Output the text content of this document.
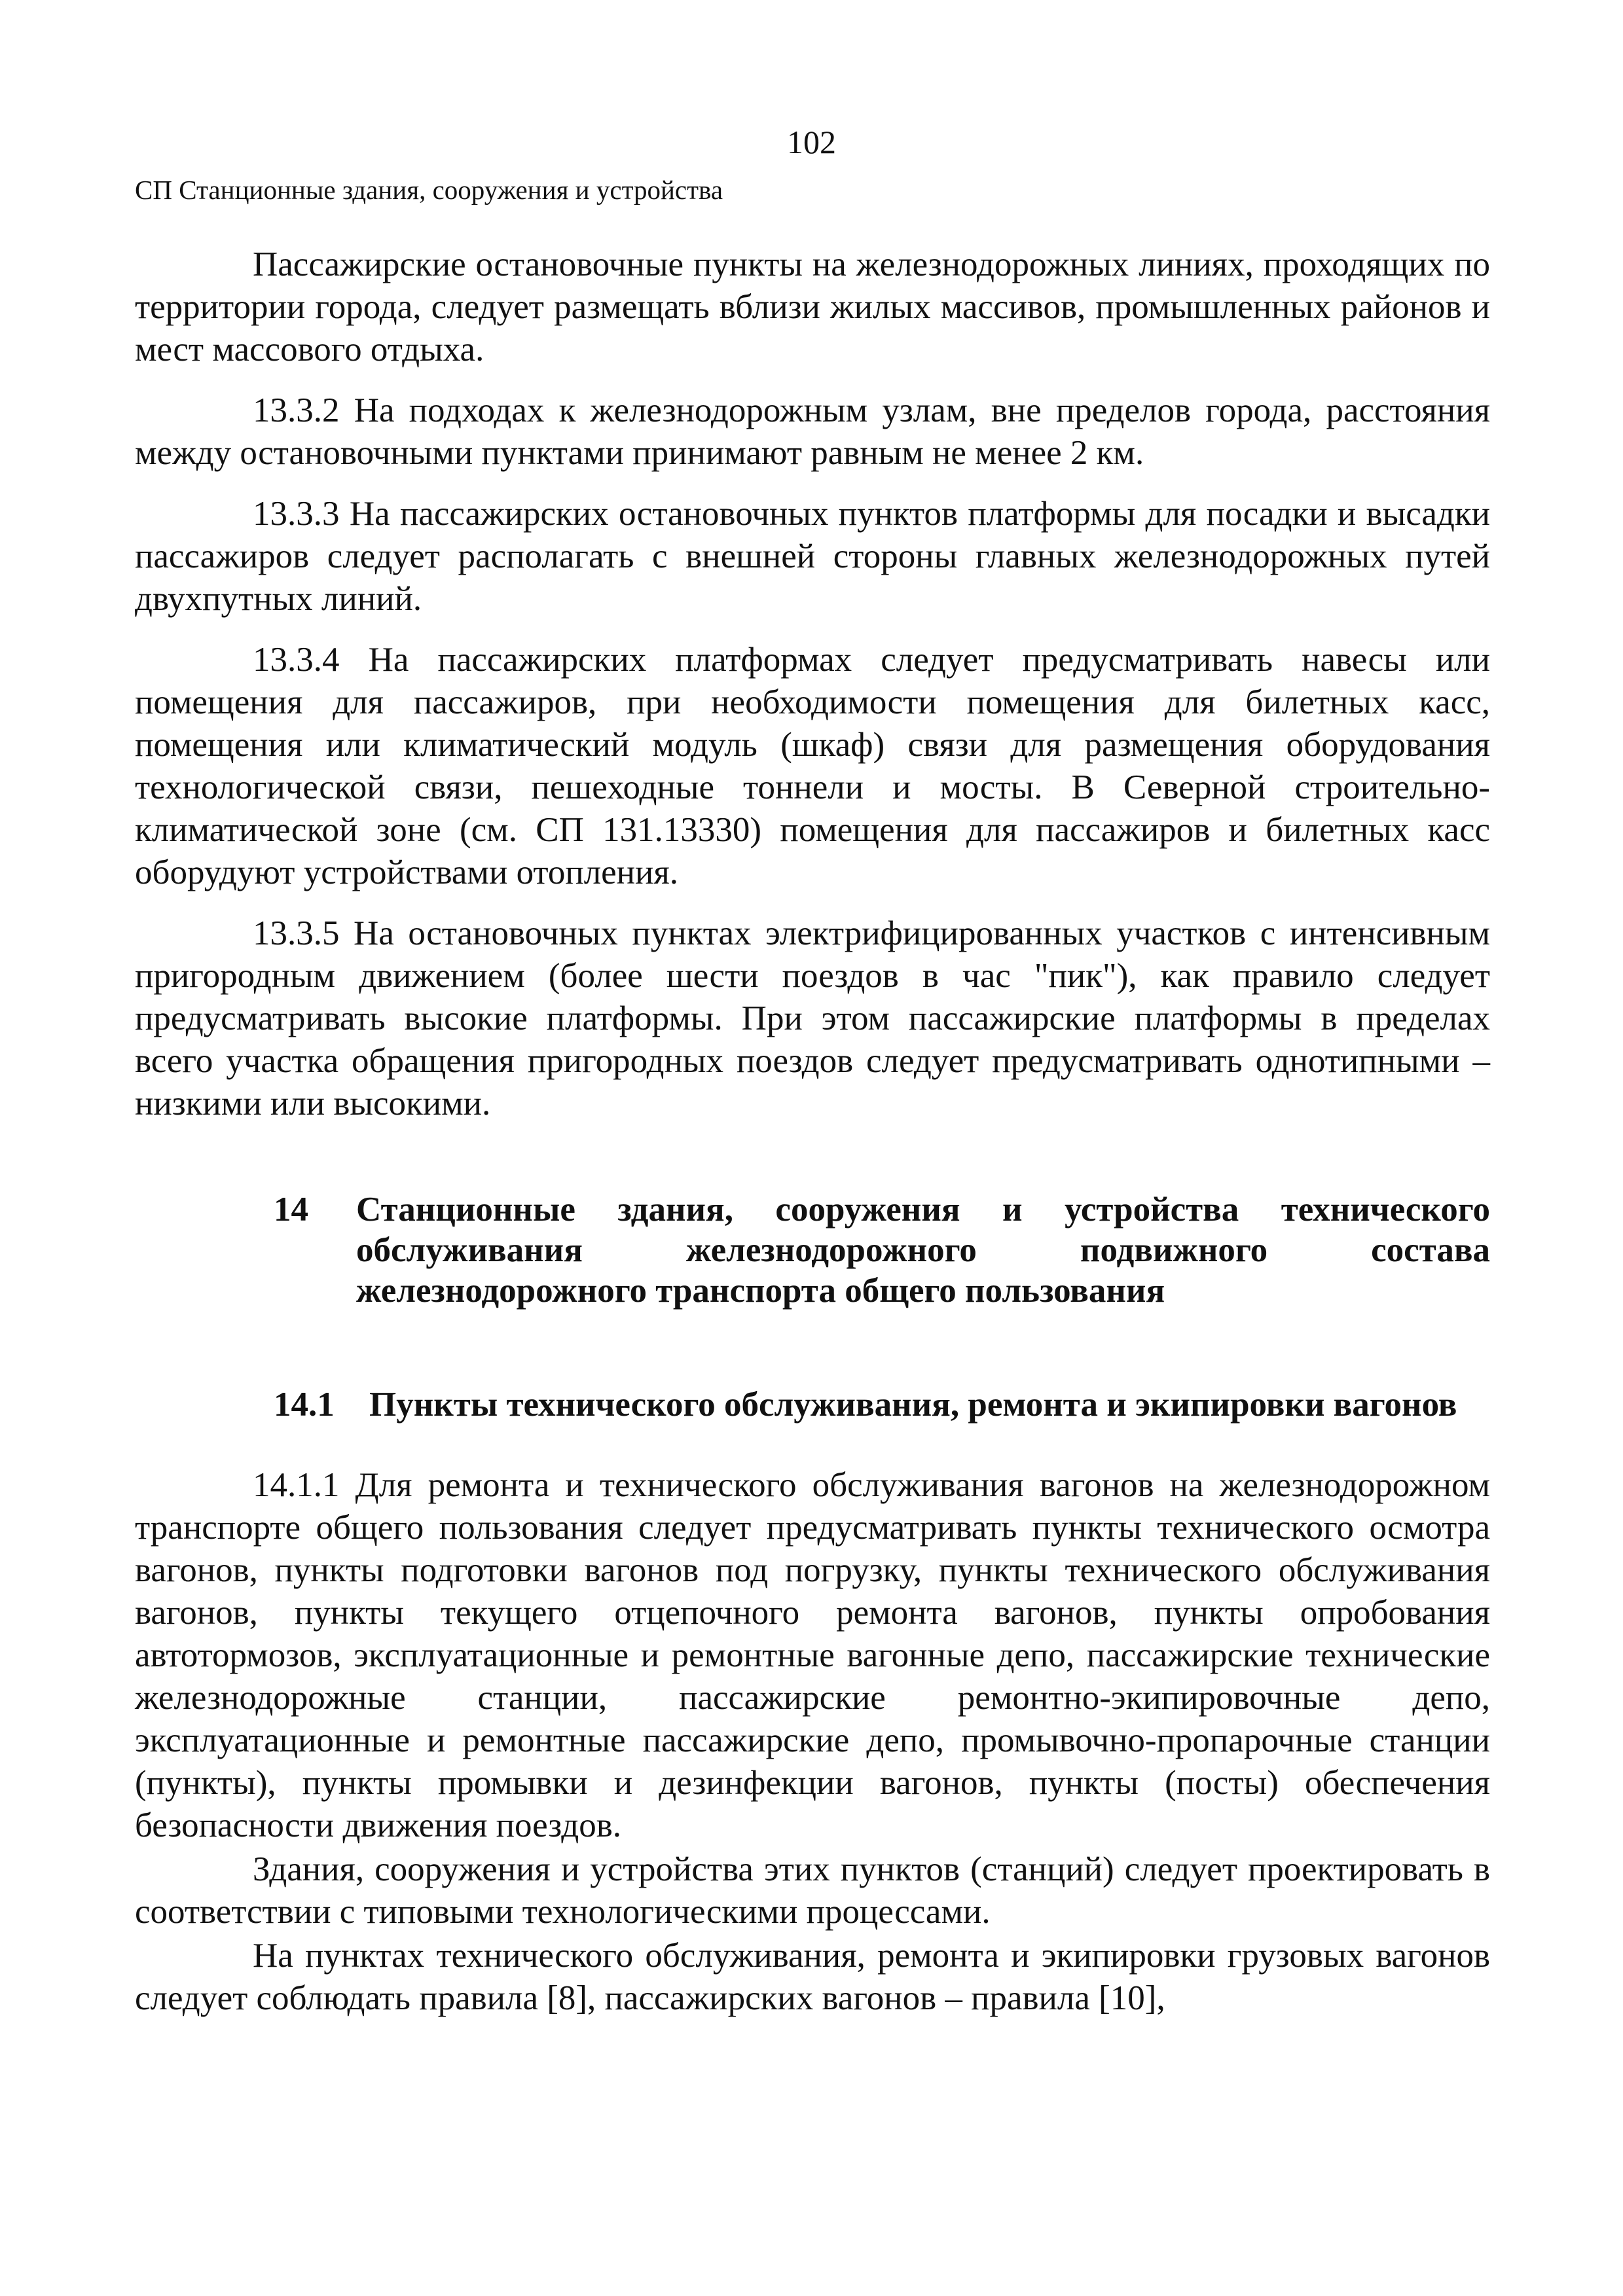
102
СП Станционные здания, сооружения и устройства

Пассажирские остановочные пункты на железнодорожных линиях, проходящих по территории города, следует размещать вблизи жилых массивов, промышленных районов и мест массового отдыха.

13.3.2 На подходах к железнодорожным узлам, вне пределов города, расстояния между остановочными пунктами принимают равным не менее 2 км.

13.3.3 На пассажирских остановочных пунктов платформы для посадки и высадки пассажиров следует располагать с внешней стороны главных железнодорожных путей двухпутных линий.

13.3.4 На пассажирских платформах следует предусматривать навесы или помещения для пассажиров, при необходимости помещения для билетных касс, помещения или климатический модуль (шкаф) связи для размещения оборудования технологической связи, пешеходные тоннели и мосты. В Северной строительно-климатической зоне (см. СП 131.13330) помещения для пассажиров и билетных касс оборудуют устройствами отопления.

13.3.5 На остановочных пунктах электрифицированных участков с интенсивным пригородным движением (более шести поездов в час "пик"), как правило следует предусматривать высокие платформы. При этом пассажирские платформы в пределах всего участка обращения пригородных поездов следует предусматривать однотипными – низкими или высокими.

14	Станционные здания, сооружения и устройства технического обслуживания железнодорожного подвижного состава железнодорожного транспорта общего пользования
14.1	Пункты технического обслуживания, ремонта и экипировки вагонов

14.1.1 Для ремонта и технического обслуживания вагонов на железнодорожном транспорте общего пользования следует предусматривать пункты технического осмотра вагонов, пункты подготовки вагонов под погрузку, пункты технического обслуживания вагонов, пункты текущего отцепочного ремонта вагонов, пункты опробования автотормозов, эксплуатационные и ремонтные вагонные депо, пассажирские технические железнодорожные станции, пассажирские ремонтно-экипировочные депо, эксплуатационные и ремонтные пассажирские депо, промывочно-пропарочные станции (пункты), пункты промывки и дезинфекции вагонов, пункты (посты) обеспечения безопасности движения поездов.

Здания, сооружения и устройства этих пунктов (станций) следует проектировать в соответствии с типовыми технологическими процессами.

На пунктах технического обслуживания, ремонта и экипировки грузовых вагонов следует соблюдать правила [8], пассажирских вагонов – правила [10],
